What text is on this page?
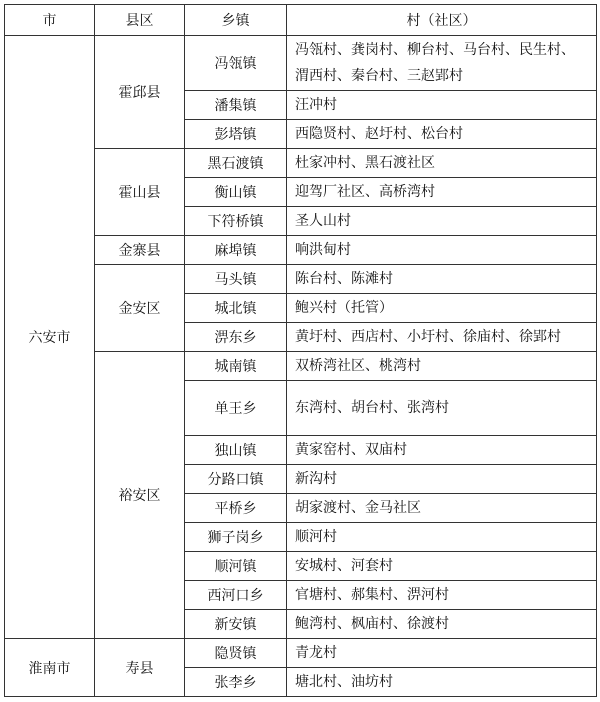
市	县区	乡镇	村（社区）
六安市	霍邱县	冯瓴镇	冯瓴村、龚岗村、柳台村、马台村、民生村、渭西村、秦台村、三赵郢村
		潘集镇	汪冲村
		彭塔镇	西隐贤村、赵圩村、松台村
	霍山县	黑石渡镇	杜家冲村、黑石渡社区
		衡山镇	迎驾厂社区、高桥湾村
		下符桥镇	圣人山村
	金寨县	麻埠镇	响洪甸村
	金安区	马头镇	陈台村、陈滩村
		城北镇	鲍兴村（托管）
		淠东乡	黄圩村、西店村、小圩村、徐庙村、徐郢村
	裕安区	城南镇	双桥湾社区、桃湾村
		单王乡	东湾村、胡台村、张湾村
		独山镇	黄家窑村、双庙村
		分路口镇	新沟村
		平桥乡	胡家渡村、金马社区
		狮子岗乡	顺河村
		顺河镇	安城村、河套村
		西河口乡	官塘村、郝集村、淠河村
		新安镇	鲍湾村、枫庙村、徐渡村
淮南市	寿县	隐贤镇	青龙村
		张李乡	塘北村、油坊村
